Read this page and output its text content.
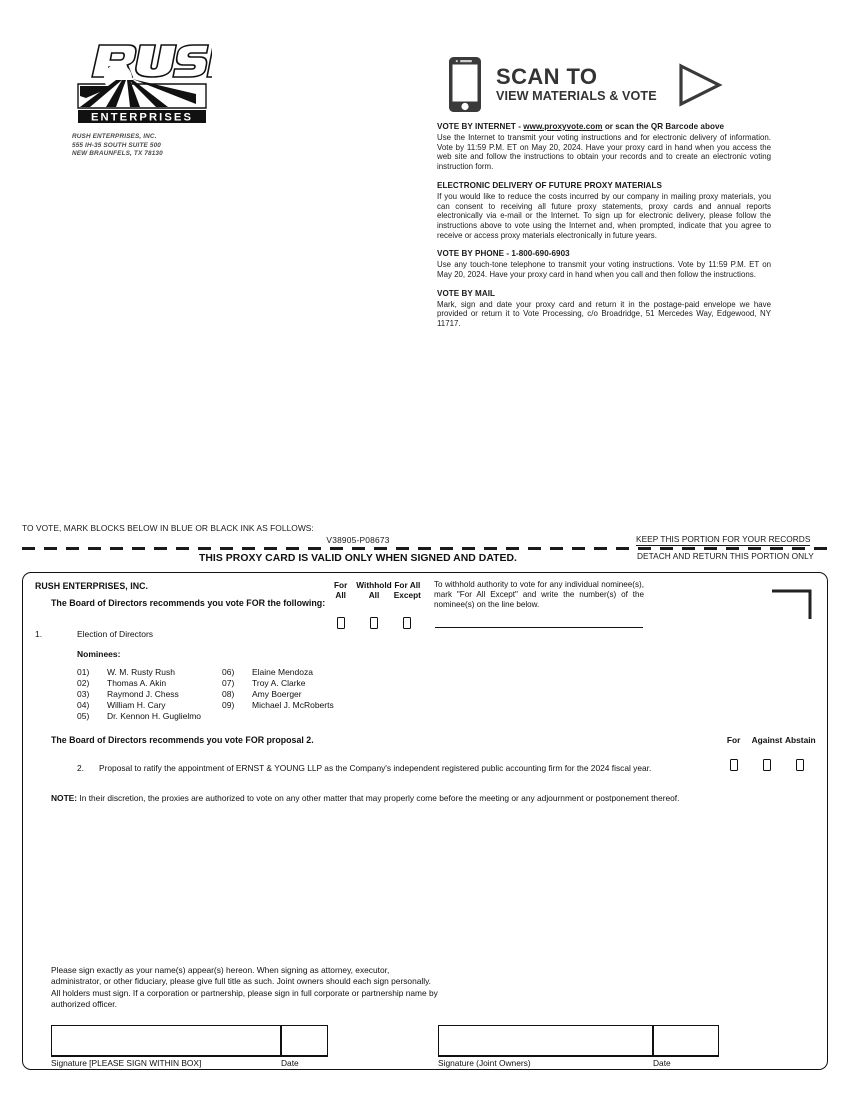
ENTERPRISES
RUSH ENTERPRISES, INC.
555 IH-35 SOUTH SUITE 500
NEW BRAUNFELS, TX 78130
SCAN TO
VIEW MATERIALS & VOTE
VOTE BY INTERNET - www.proxyvote.com or scan the QR Barcode above

Use the Internet to transmit your voting instructions and for electronic delivery of information. Vote by 11:59 P.M. ET on May 20, 2024. Have your proxy card in hand when you access the web site and follow the instructions to obtain your records and to create an electronic voting instruction form.

ELECTRONIC DELIVERY OF FUTURE PROXY MATERIALS

If you would like to reduce the costs incurred by our company in mailing proxy materials, you can consent to receiving all future proxy statements, proxy cards and annual reports electronically via e-mail or the Internet. To sign up for electronic delivery, please follow the instructions above to vote using the Internet and, when prompted, indicate that you agree to receive or access proxy materials electronically in future years.

VOTE BY PHONE - 1-800-690-6903

Use any touch-tone telephone to transmit your voting instructions. Vote by 11:59 P.M. ET on May 20, 2024. Have your proxy card in hand when you call and then follow the instructions.

VOTE BY MAIL

Mark, sign and date your proxy card and return it in the postage-paid envelope we have provided or return it to Vote Processing, c/o Broadridge, 51 Mercedes Way, Edgewood, NY 11717.

TO VOTE, MARK BLOCKS BELOW IN BLUE OR BLACK INK AS FOLLOWS:
V38905-P08673
THIS PROXY CARD IS VALID ONLY WHEN SIGNED AND DATED.
KEEP THIS PORTION FOR YOUR RECORDS
DETACH AND RETURN THIS PORTION ONLY
RUSH ENTERPRISES, INC.
The Board of Directors recommends you vote FOR the following:
1.	Election of Directors
For
All
Withhold
All
For All
Except
To withhold authority to vote for any individual nominee(s), mark "For All Except" and write the number(s) of the nominee(s) on the line below.
Nominees:
01)	W. M. Rusty Rush
02)	Thomas A. Akin
03)	Raymond J. Chess
04)	William H. Cary
05)	Dr. Kennon H. Guglielmo
06)	Elaine Mendoza
07)	Troy A. Clarke
08)	Amy Boerger
09)	Michael J. McRoberts
The Board of Directors recommends you vote FOR proposal 2.	For	Against Abstain
2. Proposal to ratify the appointment of ERNST & YOUNG LLP as the Company's independent registered public accounting firm for the 2024 fiscal year.
NOTE: In their discretion, the proxies are authorized to vote on any other matter that may properly come before the meeting or any adjournment or postponement thereof.
Please sign exactly as your name(s) appear(s) hereon. When signing as attorney, executor, administrator, or other fiduciary, please give full title as such. Joint owners should each sign personally. All holders must sign. If a corporation or partnership, please sign in full corporate or partnership name by authorized officer.
Signature [PLEASE SIGN WITHIN BOX]	Date	Signature (Joint Owners)	Date
